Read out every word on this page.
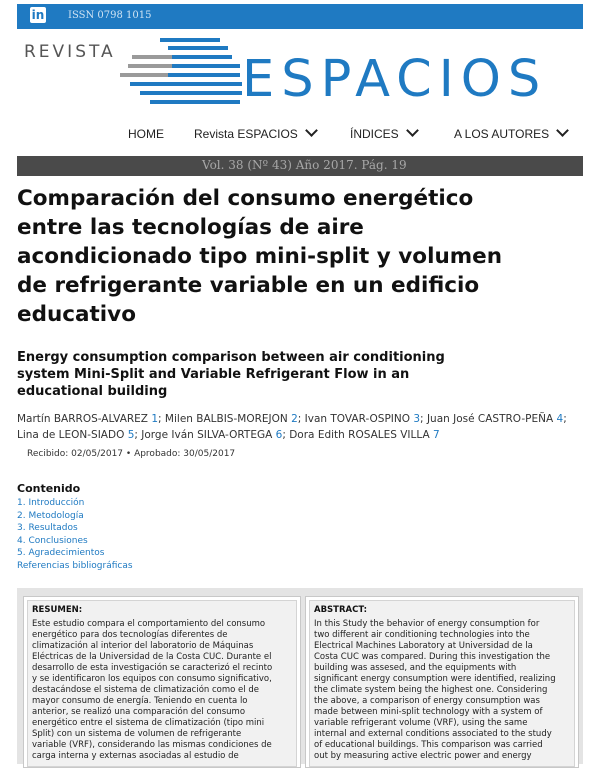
in ISSN 0798 1015
REVISTA ESPACIOS
HOME	Revista ESPACIOS	ÍNDICES	A LOS AUTORES
Vol. 38 (Nº 43) Año 2017. Pág. 19
Comparación del consumo energético
entre las tecnologías de aire
acondicionado tipo mini-split y volumen
de refrigerante variable en un edificio
educativo
Energy consumption comparison between air conditioning
system Mini-Split and Variable Refrigerant Flow in an
educational building
Martín BARROS-ALVAREZ 1; Milen BALBIS-MOREJON 2; Ivan TOVAR-OSPINO 3; Juan José CASTRO-PEÑA 4; Lina de LEON-SIADO 5; Jorge Iván SILVA-ORTEGA 6; Dora Edith ROSALES VILLA 7
Recibido: 02/05/2017 • Aprobado: 30/05/2017
Contenido
1. Introducción
2. Metodología
3. Resultados
4. Conclusiones
5. Agradecimientos
Referencias bibliográficas
RESUMEN:
Este estudio compara el comportamiento del consumo
energético para dos tecnologías diferentes de
climatización al interior del laboratorio de Máquinas
Eléctricas de la Universidad de la Costa CUC. Durante el
desarrollo de esta investigación se caracterizó el recinto
y se identificaron los equipos con consumo significativo,
destacándose el sistema de climatización como el de
mayor consumo de energía. Teniendo en cuenta lo
anterior, se realizó una comparación del consumo
energético entre el sistema de climatización (tipo mini
Split) con un sistema de volumen de refrigerante
variable (VRF), considerando las mismas condiciones de
carga interna y externas asociadas al estudio de
ABSTRACT:
In this Study the behavior of energy consumption for
two different air conditioning technologies into the
Electrical Machines Laboratory at Universidad de la
Costa CUC was compared. During this investigation the
building was assesed, and the equipments with
significant energy consumption were identified, realizing
the climate system being the highest one. Considering
the above, a comparison of energy consumption was
made between mini-split technology with a system of
variable refrigerant volume (VRF), using the same
internal and external conditions associated to the study
of educational buildings. This comparison was carried
out by measuring active electric power and energy
